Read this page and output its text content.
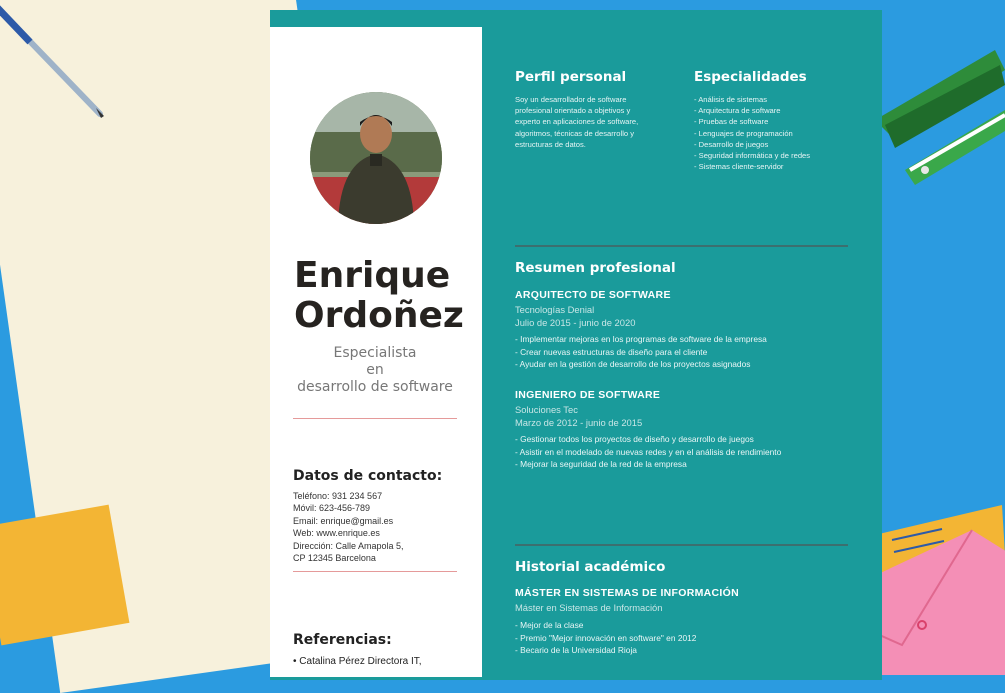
Enrique
Ordoñez
Especialista
en
desarrollo de software
Datos de contacto:
Teléfono: 931 234 567
Móvil: 623-456-789
Email: enrique@gmail.es
Web: www.enrique.es
Dirección: Calle Amapola 5,
CP 12345 Barcelona
Referencias:
• Catalina Pérez Directora IT,
Perfil personal
Soy un desarrollador de software
profesional orientado a objetivos y
experto en aplicaciones de software,
algoritmos, técnicas de desarrollo y
estructuras de datos.
Especialidades
- Análisis de sistemas
- Arquitectura de software
- Pruebas de software
- Lenguajes de programación
- Desarrollo de juegos
- Seguridad informática y de redes
- Sistemas cliente-servidor
Resumen profesional
ARQUITECTO DE SOFTWARE
Tecnologías Denial
Julio de 2015 - junio de 2020
- Implementar mejoras en los programas de software de la empresa
- Crear nuevas estructuras de diseño para el cliente
- Ayudar en la gestión de desarrollo de los proyectos asignados
INGENIERO DE SOFTWARE
Soluciones Tec
Marzo de 2012 - junio de 2015
- Gestionar todos los proyectos de diseño y desarrollo de juegos
- Asistir en el modelado de nuevas redes y en el análisis de rendimiento
- Mejorar la seguridad de la red de la empresa
Historial académico
MÁSTER EN SISTEMAS DE INFORMACIÓN
Máster en Sistemas de Información
- Mejor de la clase
- Premio "Mejor innovación en software" en 2012
- Becario de la Universidad Rioja
